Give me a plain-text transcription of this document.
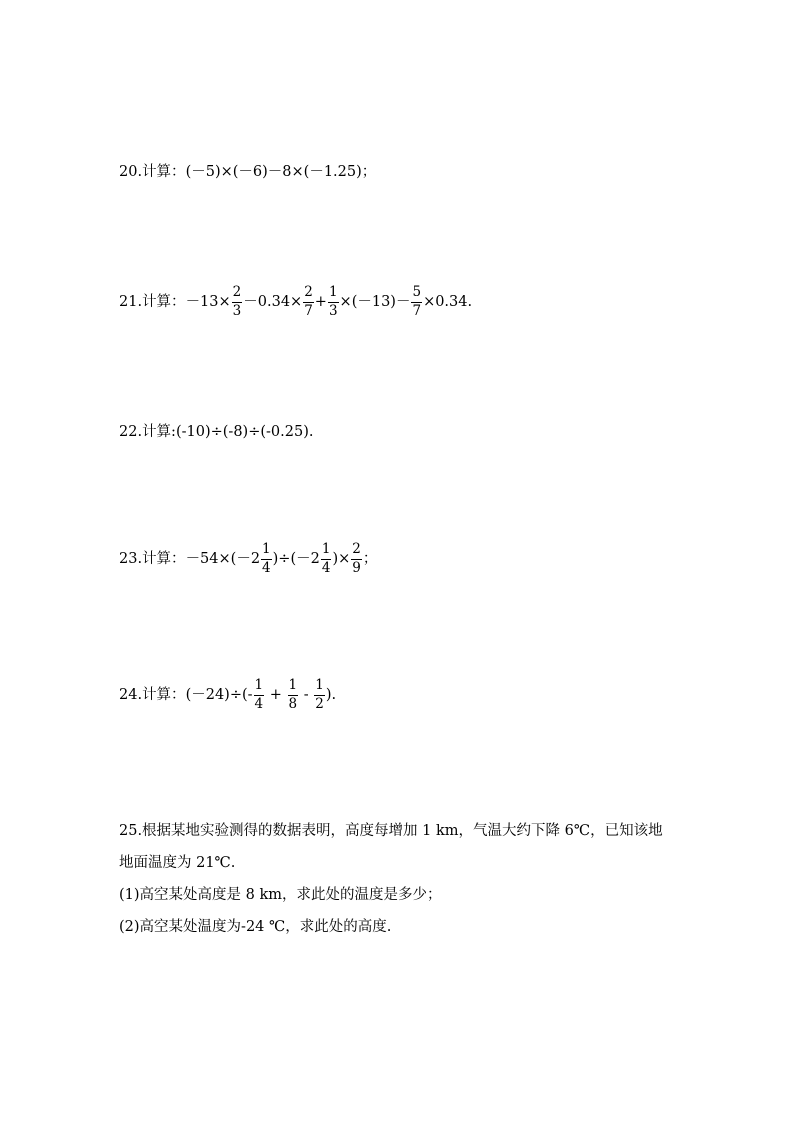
20. 计算： (－5)×(－6)－8×(－1.25)；
21. 计算： $-13\times \frac{2}{3} -0.34\times \frac{2}{7} + \frac{1}{3} \times(-13)- \frac{5}{7} \times 0.34$.
22. 计算: (-10)÷(-8)÷(-0.25).
23. 计算： $-54\times(-2 \frac{1}{4} )\div(-2 \frac{1}{4}$ )× $\frac{2}{9}$ ；
24. 计算： $(-24)\div(- \frac{1}{4} + \frac{1}{8} - \frac{1}{2}$ ).
25.根据某地实验测得的数据表明，高度每增加 1 km，气温大约下降 6℃，已知该地
地面温度为 21℃.
(1)高空某处高度是 8 km，求此处的温度是多少；
(2)高空某处温度为-24 ℃，求此处的高度.
